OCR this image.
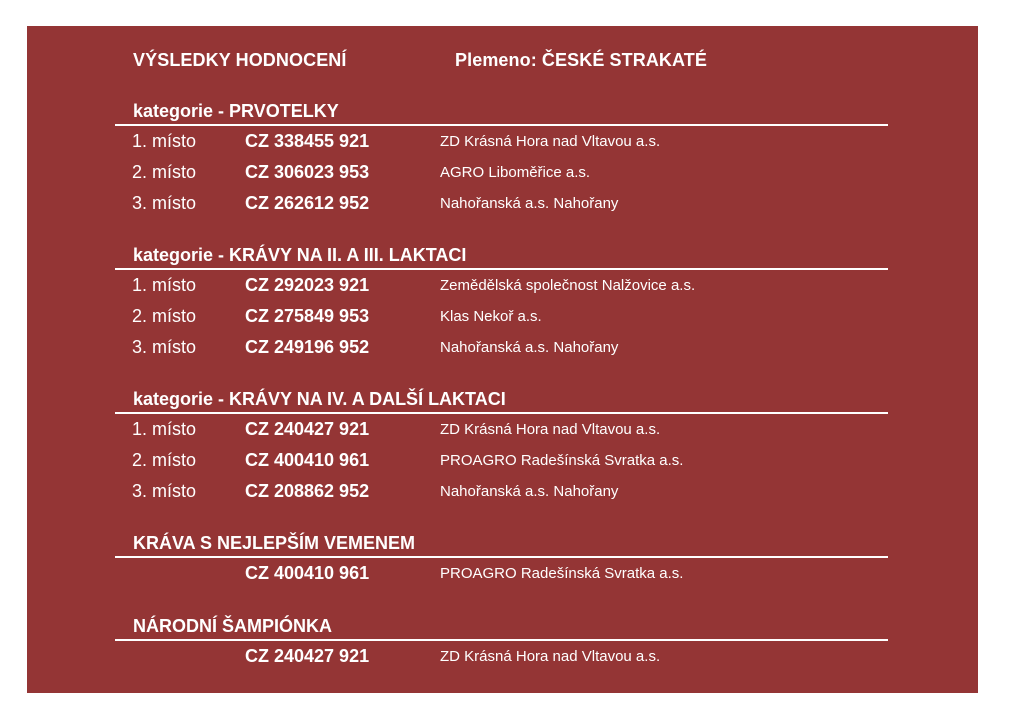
VÝSLEDKY HODNOCENÍ	Plemeno: ČESKÉ STRAKATÉ
kategorie - PRVOTELKY
1. místo	CZ 338455 921	ZD Krásná Hora nad Vltavou a.s.
2. místo	CZ 306023 953	AGRO Liboměřice a.s.
3. místo	CZ 262612 952	Nahořanská a.s. Nahořany
kategorie - KRÁVY NA II. A III. LAKTACI
1. místo	CZ 292023 921	Zemědělská společnost Nalžovice a.s.
2. místo	CZ 275849 953	Klas Nekoř a.s.
3. místo	CZ 249196 952	Nahořanská a.s. Nahořany
kategorie - KRÁVY NA IV. A DALŠÍ LAKTACI
1. místo	CZ 240427 921	ZD Krásná Hora nad Vltavou a.s.
2. místo	CZ 400410 961	PROAGRO Radešínská Svratka a.s.
3. místo	CZ 208862 952	Nahořanská a.s. Nahořany
KRÁVA S NEJLEPŠÍM VEMENEM
CZ 400410 961	PROAGRO Radešínská Svratka a.s.
NÁRODNÍ ŠAMPIÓNKA
CZ 240427 921	ZD Krásná Hora nad Vltavou a.s.
